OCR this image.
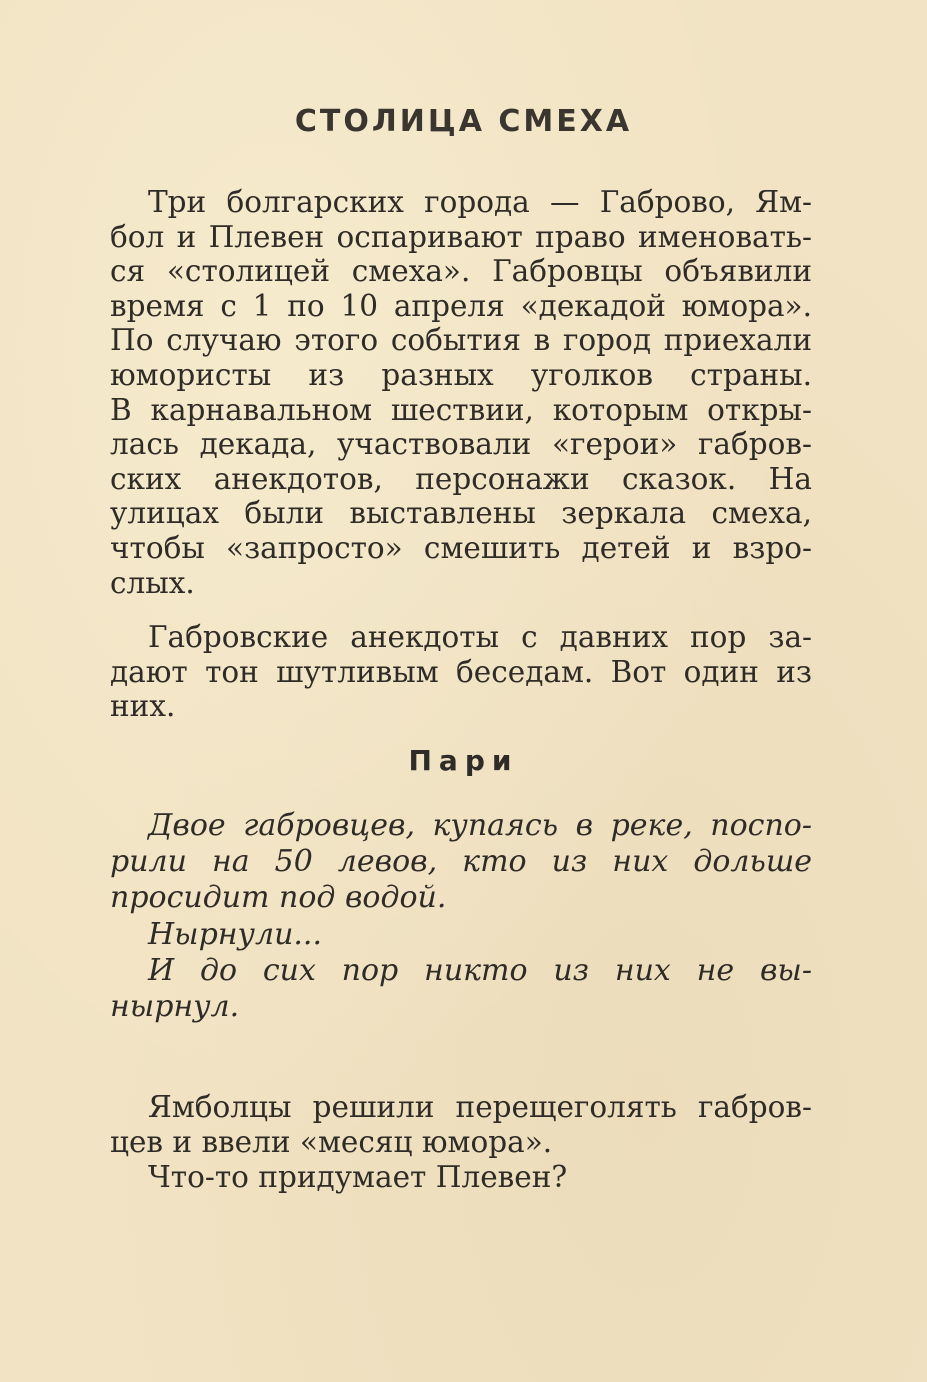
СТОЛИЦА СМЕХА
Три болгарских города — Габрово, Ям-
бол и Плевен оспаривают право именовать-
ся «столицей смеха». Габровцы объявили
время с 1 по 10 апреля «декадой юмора».
По случаю этого события в город приехали
юмористы из разных уголков страны.
В карнавальном шествии, которым откры-
лась декада, участвовали «герои» габров-
ских анекдотов, персонажи сказок. На
улицах были выставлены зеркала смеха,
чтобы «запросто» смешить детей и взро-
слых.
Габровские анекдоты с давних пор за-
дают тон шутливым беседам. Вот один из
них.
Пари
Двое габровцев, купаясь в реке, поспо-
рили на 50 левов, кто из них дольше
просидит под водой.
Нырнули...
И до сих пор никто из них не вы-
нырнул.
Ямболцы решили перещеголять габров-
цев и ввели «месяц юмора».
Что-то придумает Плевен?
